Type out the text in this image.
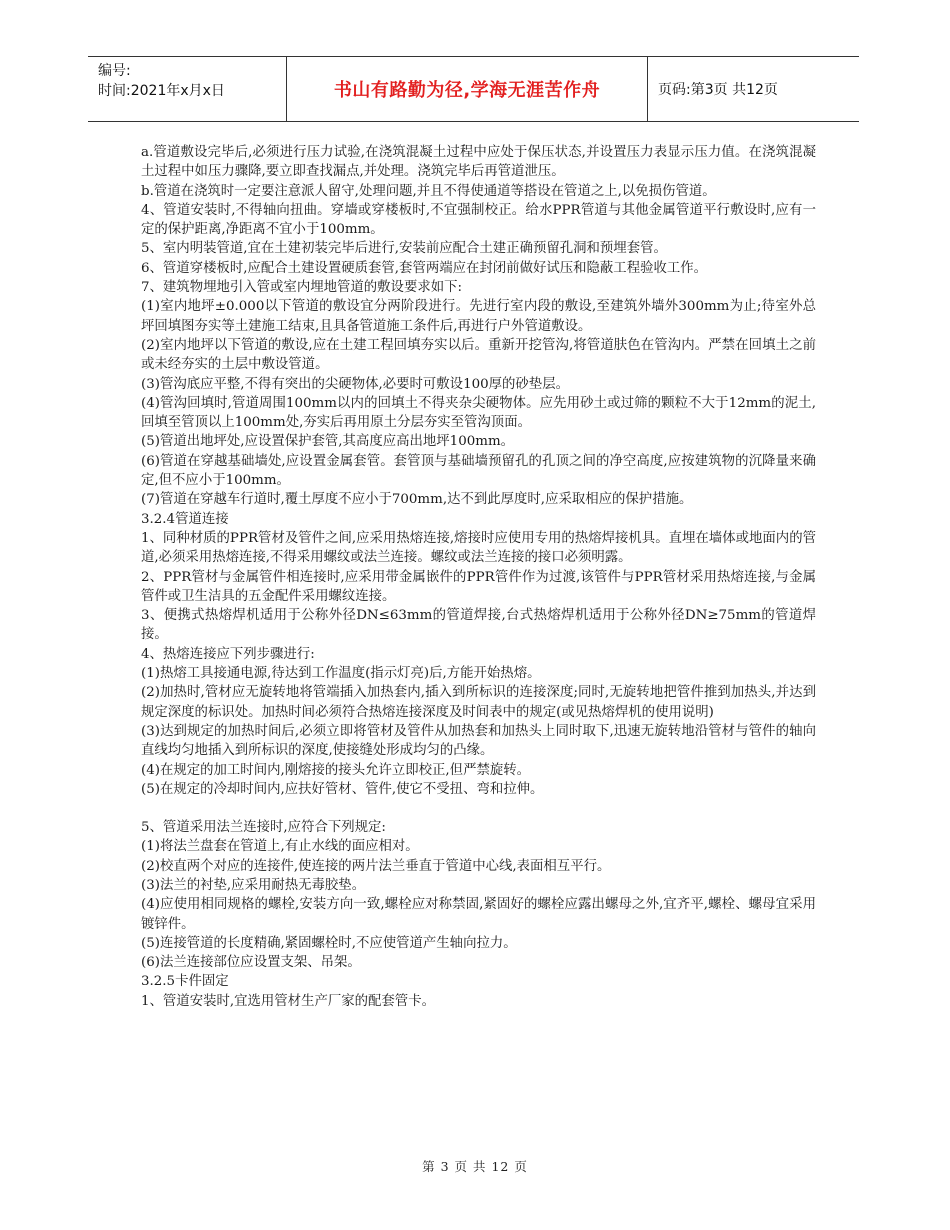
编号:
时间:2021年x月x日	书山有路勤为径,学海无涯苦作舟	页码:第3页 共12页

a.管道敷设完毕后,必须进行压力试验,在浇筑混凝土过程中应处于保压状态,并设置压力表显示压力值。在浇筑混凝土过程中如压力骤降,要立即查找漏点,并处理。浇筑完毕后再管道泄压。

b.管道在浇筑时一定要注意派人留守,处理问题,并且不得使通道等搭设在管道之上,以免损伤管道。

4、管道安装时,不得轴向扭曲。穿墙或穿楼板时,不宜强制校正。给水PPR管道与其他金属管道平行敷设时,应有一定的保护距离,净距离不宜小于100mm。

5、室内明装管道,宜在土建初装完毕后进行,安装前应配合土建正确预留孔洞和预埋套管。

6、管道穿楼板时,应配合土建设置硬质套管,套管两端应在封闭前做好试压和隐蔽工程验收工作。

7、建筑物埋地引入管或室内埋地管道的敷设要求如下:

(1)室内地坪±0.000以下管道的敷设宜分两阶段进行。先进行室内段的敷设,至建筑外墙外300mm为止;待室外总坪回填图夯实等土建施工结束,且具备管道施工条件后,再进行户外管道敷设。

(2)室内地坪以下管道的敷设,应在土建工程回填夯实以后。重新开挖管沟,将管道肤色在管沟内。严禁在回填土之前或未经夯实的土层中敷设管道。

(3)管沟底应平整,不得有突出的尖硬物体,必要时可敷设100厚的砂垫层。

(4)管沟回填时,管道周围100mm以内的回填土不得夹杂尖硬物体。应先用砂土或过筛的颗粒不大于12mm的泥土,回填至管顶以上100mm处,夯实后再用原土分层夯实至管沟顶面。

(5)管道出地坪处,应设置保护套管,其高度应高出地坪100mm。

(6)管道在穿越基础墙处,应设置金属套管。套管顶与基础墙预留孔的孔顶之间的净空高度,应按建筑物的沉降量来确定,但不应小于100mm。

(7)管道在穿越车行道时,覆土厚度不应小于700mm,达不到此厚度时,应采取相应的保护措施。

3.2.4管道连接

1、同种材质的PPR管材及管件之间,应采用热熔连接,熔接时应使用专用的热熔焊接机具。直埋在墙体或地面内的管道,必须采用热熔连接,不得采用螺纹或法兰连接。螺纹或法兰连接的接口必须明露。

2、PPR管材与金属管件相连接时,应采用带金属嵌件的PPR管件作为过渡,该管件与PPR管材采用热熔连接,与金属管件或卫生洁具的五金配件采用螺纹连接。

3、便携式热熔焊机适用于公称外径DN≤63mm的管道焊接,台式热熔焊机适用于公称外径DN≥75mm的管道焊接。

4、热熔连接应下列步骤进行:

(1)热熔工具接通电源,待达到工作温度(指示灯亮)后,方能开始热熔。

(2)加热时,管材应无旋转地将管端插入加热套内,插入到所标识的连接深度;同时,无旋转地把管件推到加热头,并达到规定深度的标识处。加热时间必须符合热熔连接深度及时间表中的规定(或见热熔焊机的使用说明)

(3)达到规定的加热时间后,必须立即将管材及管件从加热套和加热头上同时取下,迅速无旋转地沿管材与管件的轴向直线均匀地插入到所标识的深度,使接缝处形成均匀的凸缘。

(4)在规定的加工时间内,刚熔接的接头允许立即校正,但严禁旋转。

(5)在规定的冷却时间内,应扶好管材、管件,使它不受扭、弯和拉伸。

5、管道采用法兰连接时,应符合下列规定:

(1)将法兰盘套在管道上,有止水线的面应相对。

(2)校直两个对应的连接件,使连接的两片法兰垂直于管道中心线,表面相互平行。

(3)法兰的衬垫,应采用耐热无毒胶垫。

(4)应使用相同规格的螺栓,安装方向一致,螺栓应对称禁固,紧固好的螺栓应露出螺母之外,宜齐平,螺栓、螺母宜采用镀锌件。

(5)连接管道的长度精确,紧固螺栓时,不应使管道产生轴向拉力。

(6)法兰连接部位应设置支架、吊架。

3.2.5卡件固定

1、管道安装时,宜选用管材生产厂家的配套管卡。

第 3 页 共 12 页
